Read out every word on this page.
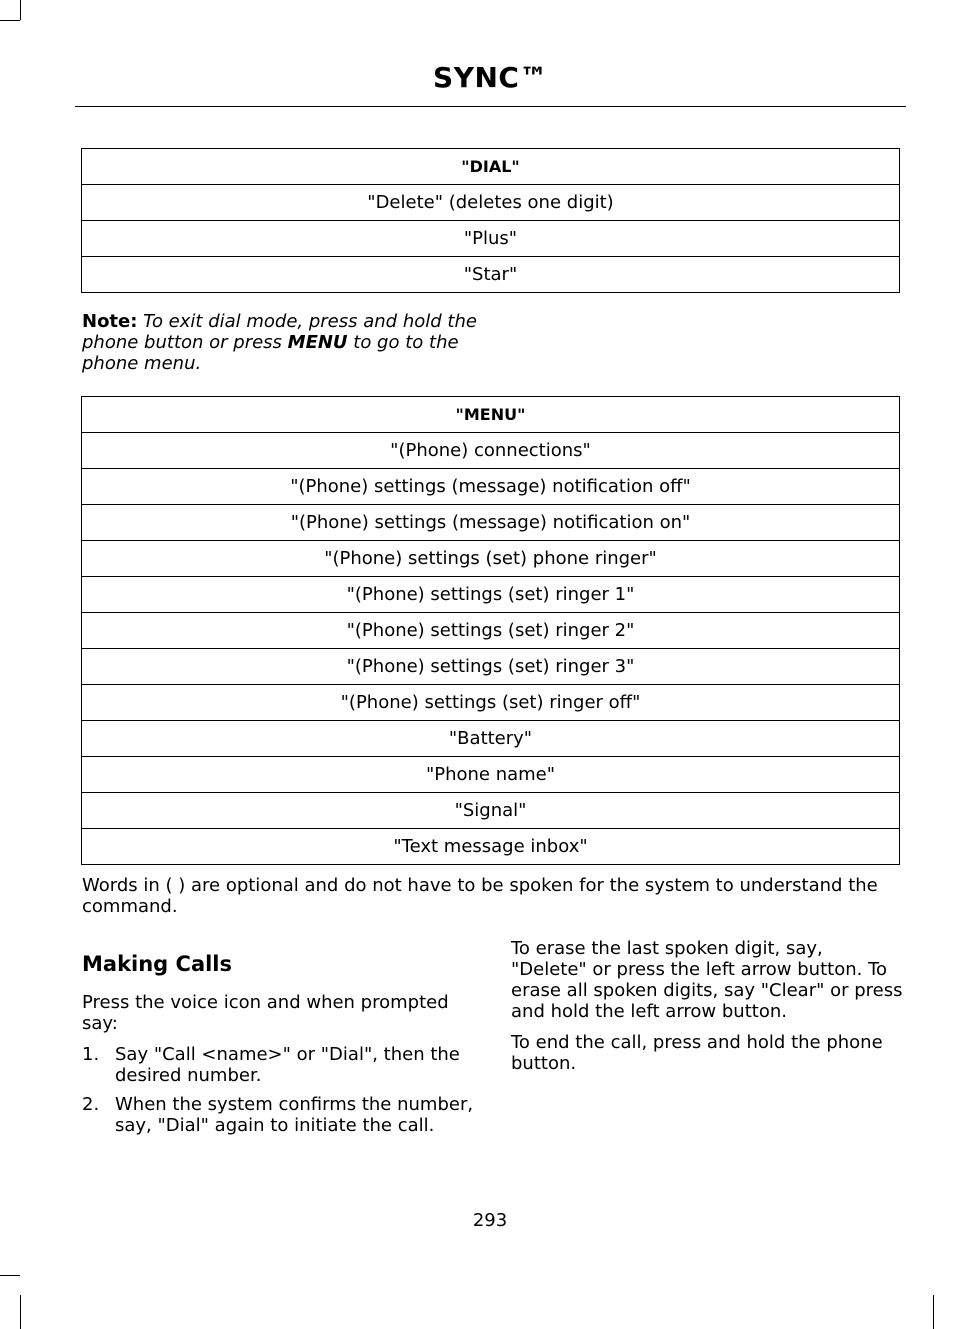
SYNC™
"DIAL"
"Delete" (deletes one digit)
"Plus"
"Star"
Note: To exit dial mode, press and hold the phone button or press MENU to go to the phone menu.
"MENU"
"(Phone) connections"
"(Phone) settings (message) notification off"
"(Phone) settings (message) notification on"
"(Phone) settings (set) phone ringer"
"(Phone) settings (set) ringer 1"
"(Phone) settings (set) ringer 2"
"(Phone) settings (set) ringer 3"
"(Phone) settings (set) ringer off"
"Battery"
"Phone name"
"Signal"
"Text message inbox"

Words in ( ) are optional and do not have to be spoken for the system to understand the command.

Making Calls

Press the voice icon and when prompted say:

1. Say "Call <name>" or "Dial", then the desired number.
2. When the system confirms the number, say, "Dial" again to initiate the call.

To erase the last spoken digit, say, "Delete" or press the left arrow button. To erase all spoken digits, say "Clear" or press and hold the left arrow button.

To end the call, press and hold the phone button.

293
